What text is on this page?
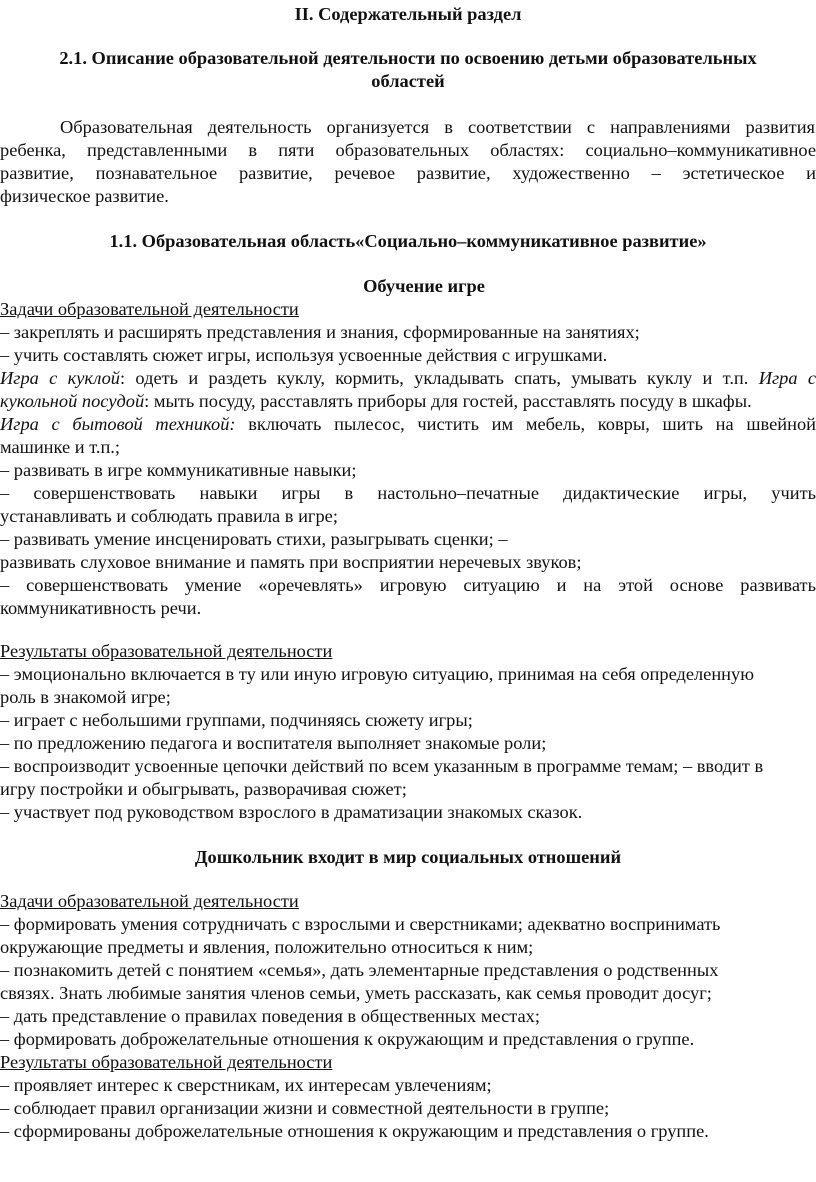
II. Содержательный раздел
2.1. Описание образовательной деятельности по освоению детьми образовательных
областей
Образовательная деятельность организуется в соответствии с направлениями развития
ребенка, представленными в пяти образовательных областях: социально–коммуникативное
развитие, познавательное развитие, речевое развитие, художественно – эстетическое и
физическое развитие.
1.1. Образовательная область«Социально–коммуникативное развитие»
Обучение игре
Задачи образовательной деятельности
– закреплять и расширять представления и знания, сформированные на занятиях;
– учить составлять сюжет игры, используя усвоенные действия с игрушками.
Игра с куклой: одеть и раздеть куклу, кормить, укладывать спать, умывать куклу и т.п. Игра с
кукольной посудой: мыть посуду, расставлять приборы для гостей, расставлять посуду в шкафы.
Игра с бытовой техникой: включать пылесос, чистить им мебель, ковры, шить на швейной
машинке и т.п.;
– развивать в игре коммуникативные навыки;
– совершенствовать навыки игры в настольно–печатные дидактические игры, учить
устанавливать и соблюдать правила в игре;
– развивать умение инсценировать стихи, разыгрывать сценки; –
развивать слуховое внимание и память при восприятии неречевых звуков;
– совершенствовать умение «оречевлять» игровую ситуацию и на этой основе развивать
коммуникативность речи.
Результаты образовательной деятельности
– эмоционально включается в ту или иную игровую ситуацию, принимая на себя определенную
роль в знакомой игре;
– играет с небольшими группами, подчиняясь сюжету игры;
– по предложению педагога и воспитателя выполняет знакомые роли;
– воспроизводит усвоенные цепочки действий по всем указанным в программе темам; – вводит в
игру постройки и обыгрывать, разворачивая сюжет;
– участвует под руководством взрослого в драматизации знакомых сказок.
Дошкольник входит в мир социальных отношений
Задачи образовательной деятельности
– формировать умения сотрудничать с взрослыми и сверстниками; адекватно воспринимать
окружающие предметы и явления, положительно относиться к ним;
– познакомить детей с понятием «семья», дать элементарные представления о родственных
связях. Знать любимые занятия членов семьи, уметь рассказать, как семья проводит досуг;
– дать представление о правилах поведения в общественных местах;
– формировать доброжелательные отношения к окружающим и представления о группе.
Результаты образовательной деятельности
– проявляет интерес к сверстникам, их интересам увлечениям;
– соблюдает правил организации жизни и совместной деятельности в группе;
– сформированы доброжелательные отношения к окружающим и представления о группе.
